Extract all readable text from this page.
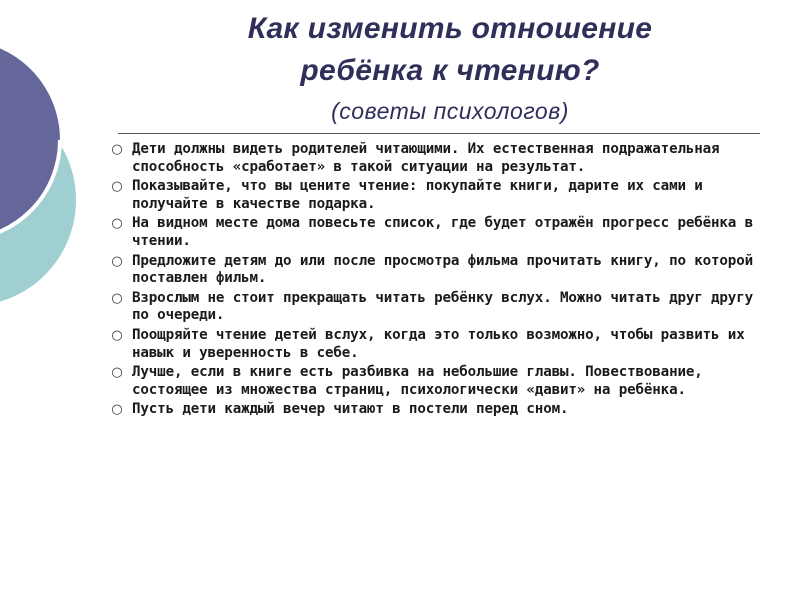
Как изменить отношение
ребёнка к чтению?
(советы психологов)
○ Дети должны видеть родителей читающими. Их естественная подражательная способность «сработает» в такой ситуации на результат.
○ Показывайте, что вы цените чтение: покупайте книги, дарите их сами и получайте в качестве подарка.
○ На видном месте дома повесьте список, где будет отражён прогресс ребёнка в чтении.
○ Предложите детям до или после просмотра фильма прочитать книгу, по которой поставлен фильм.
○ Взрослым не стоит прекращать читать ребёнку вслух. Можно читать друг другу по очереди.
○ Поощряйте чтение детей вслух, когда это только возможно, чтобы развить их навык и уверенность в себе.
○ Лучше, если в книге есть разбивка на небольшие главы. Повествование, состоящее из множества страниц, психологически «давит» на ребёнка.
○ Пусть дети каждый вечер читают в постели перед сном.
